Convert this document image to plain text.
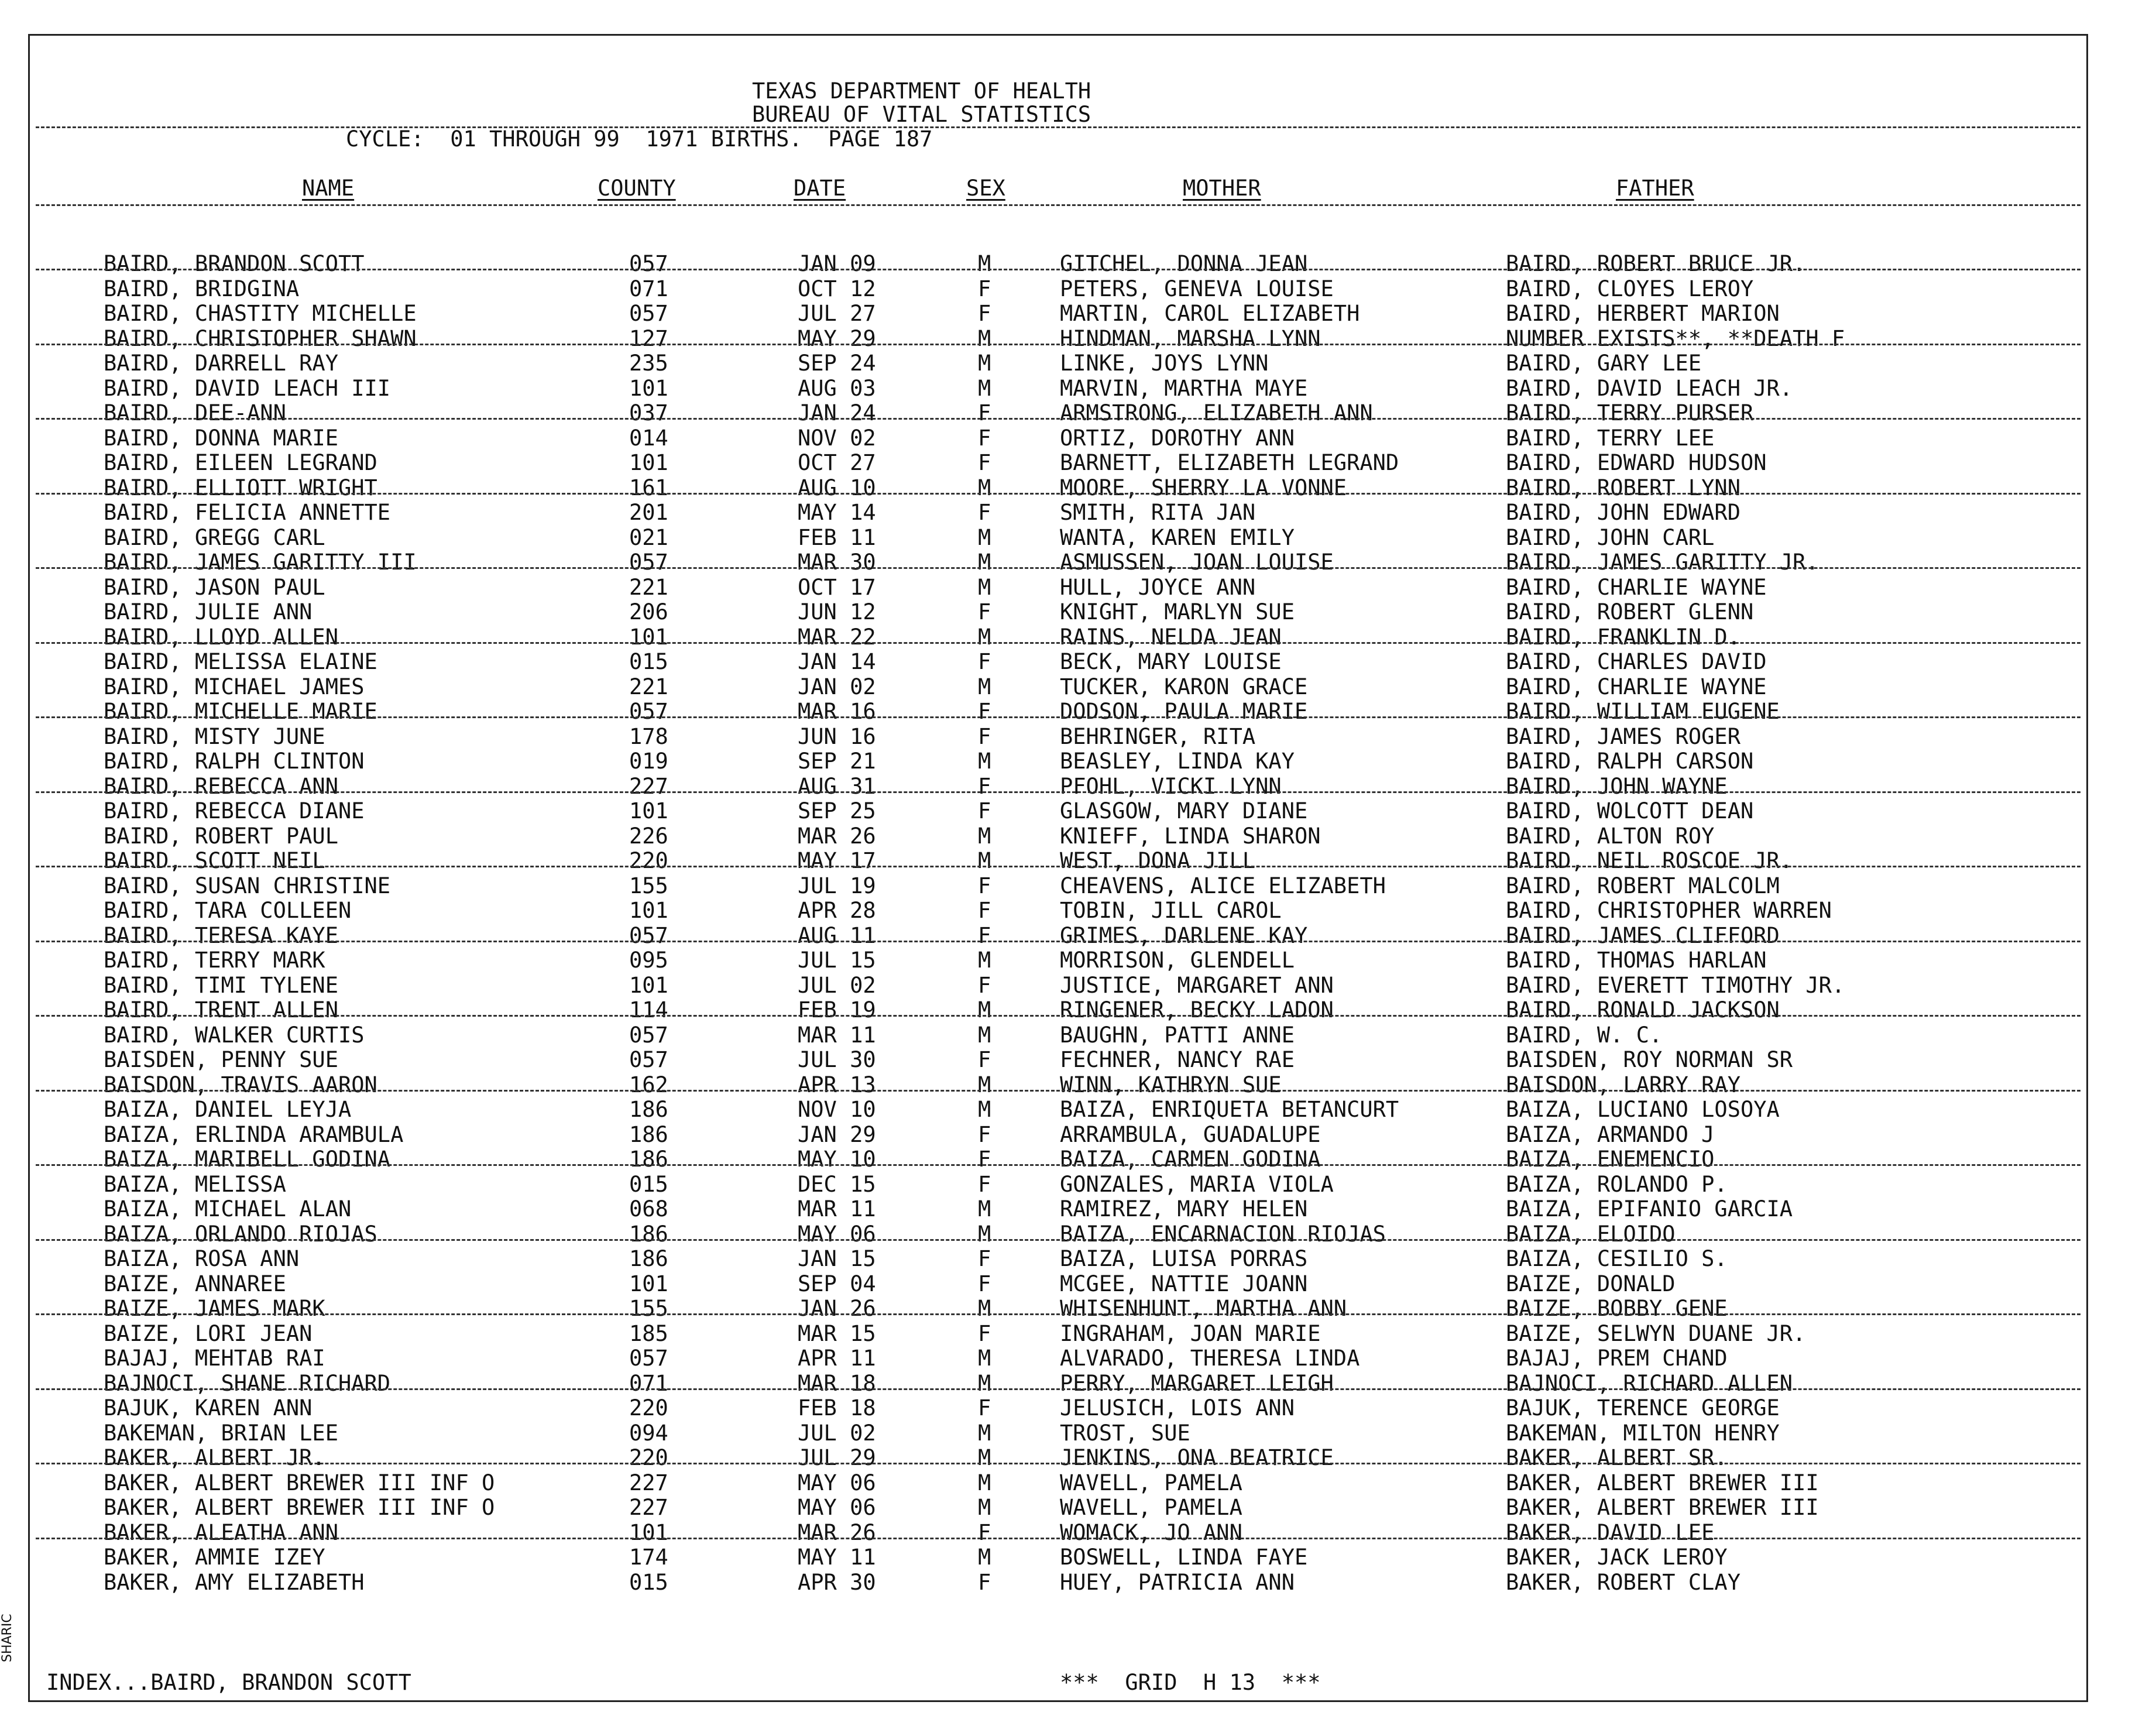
TEXAS DEPARTMENT OF HEALTH
BUREAU OF VITAL STATISTICS
CYCLE:  01 THROUGH 99  1971 BIRTHS.  PAGE 187
NAME	COUNTY	DATE	SEX	MOTHER	FATHER
BAIRD, BRANDON SCOTT	057	JAN 09	M	GITCHEL, DONNA JEAN	BAIRD, ROBERT BRUCE JR.
BAIRD, BRIDGINA	071	OCT 12	F	PETERS, GENEVA LOUISE	BAIRD, CLOYES LEROY
BAIRD, CHASTITY MICHELLE	057	JUL 27	F	MARTIN, CAROL ELIZABETH	BAIRD, HERBERT MARION
BAIRD, CHRISTOPHER SHAWN	127	MAY 29	M	HINDMAN, MARSHA LYNN	NUMBER EXISTS**, **DEATH F
BAIRD, DARRELL RAY	235	SEP 24	M	LINKE, JOYS LYNN	BAIRD, GARY LEE
BAIRD, DAVID LEACH III	101	AUG 03	M	MARVIN, MARTHA MAYE	BAIRD, DAVID LEACH JR.
BAIRD, DEE-ANN	037	JAN 24	F	ARMSTRONG, ELIZABETH ANN	BAIRD, TERRY PURSER
BAIRD, DONNA MARIE	014	NOV 02	F	ORTIZ, DOROTHY ANN	BAIRD, TERRY LEE
BAIRD, EILEEN LEGRAND	101	OCT 27	F	BARNETT, ELIZABETH LEGRAND	BAIRD, EDWARD HUDSON
BAIRD, ELLIOTT WRIGHT	161	AUG 10	M	MOORE, SHERRY LA VONNE	BAIRD, ROBERT LYNN
BAIRD, FELICIA ANNETTE	201	MAY 14	F	SMITH, RITA JAN	BAIRD, JOHN EDWARD
BAIRD, GREGG CARL	021	FEB 11	M	WANTA, KAREN EMILY	BAIRD, JOHN CARL
BAIRD, JAMES GARITTY III	057	MAR 30	M	ASMUSSEN, JOAN LOUISE	BAIRD, JAMES GARITTY JR.
BAIRD, JASON PAUL	221	OCT 17	M	HULL, JOYCE ANN	BAIRD, CHARLIE WAYNE
BAIRD, JULIE ANN	206	JUN 12	F	KNIGHT, MARLYN SUE	BAIRD, ROBERT GLENN
BAIRD, LLOYD ALLEN	101	MAR 22	M	RAINS, NELDA JEAN	BAIRD, FRANKLIN D.
BAIRD, MELISSA ELAINE	015	JAN 14	F	BECK, MARY LOUISE	BAIRD, CHARLES DAVID
BAIRD, MICHAEL JAMES	221	JAN 02	M	TUCKER, KARON GRACE	BAIRD, CHARLIE WAYNE
BAIRD, MICHELLE MARIE	057	MAR 16	F	DODSON, PAULA MARIE	BAIRD, WILLIAM EUGENE
BAIRD, MISTY JUNE	178	JUN 16	F	BEHRINGER, RITA	BAIRD, JAMES ROGER
BAIRD, RALPH CLINTON	019	SEP 21	M	BEASLEY, LINDA KAY	BAIRD, RALPH CARSON
BAIRD, REBECCA ANN	227	AUG 31	F	PFOHL, VICKI LYNN	BAIRD, JOHN WAYNE
BAIRD, REBECCA DIANE	101	SEP 25	F	GLASGOW, MARY DIANE	BAIRD, WOLCOTT DEAN
BAIRD, ROBERT PAUL	226	MAR 26	M	KNIEFF, LINDA SHARON	BAIRD, ALTON ROY
BAIRD, SCOTT NEIL	220	MAY 17	M	WEST, DONA JILL	BAIRD, NEIL ROSCOE JR.
BAIRD, SUSAN CHRISTINE	155	JUL 19	F	CHEAVENS, ALICE ELIZABETH	BAIRD, ROBERT MALCOLM
BAIRD, TARA COLLEEN	101	APR 28	F	TOBIN, JILL CAROL	BAIRD, CHRISTOPHER WARREN
BAIRD, TERESA KAYE	057	AUG 11	F	GRIMES, DARLENE KAY	BAIRD, JAMES CLIFFORD
BAIRD, TERRY MARK	095	JUL 15	M	MORRISON, GLENDELL	BAIRD, THOMAS HARLAN
BAIRD, TIMI TYLENE	101	JUL 02	F	JUSTICE, MARGARET ANN	BAIRD, EVERETT TIMOTHY JR.
BAIRD, TRENT ALLEN	114	FEB 19	M	RINGENER, BECKY LADON	BAIRD, RONALD JACKSON
BAIRD, WALKER CURTIS	057	MAR 11	M	BAUGHN, PATTI ANNE	BAIRD, W. C.
BAISDEN, PENNY SUE	057	JUL 30	F	FECHNER, NANCY RAE	BAISDEN, ROY NORMAN SR
BAISDON, TRAVIS AARON	162	APR 13	M	WINN, KATHRYN SUE	BAISDON, LARRY RAY
BAIZA, DANIEL LEYJA	186	NOV 10	M	BAIZA, ENRIQUETA BETANCURT	BAIZA, LUCIANO LOSOYA
BAIZA, ERLINDA ARAMBULA	186	JAN 29	F	ARRAMBULA, GUADALUPE	BAIZA, ARMANDO J
BAIZA, MARIBELL GODINA	186	MAY 10	F	BAIZA, CARMEN GODINA	BAIZA, ENEMENCIO
BAIZA, MELISSA	015	DEC 15	F	GONZALES, MARIA VIOLA	BAIZA, ROLANDO P.
BAIZA, MICHAEL ALAN	068	MAR 11	M	RAMIREZ, MARY HELEN	BAIZA, EPIFANIO GARCIA
BAIZA, ORLANDO RIOJAS	186	MAY 06	M	BAIZA, ENCARNACION RIOJAS	BAIZA, ELOIDO
BAIZA, ROSA ANN	186	JAN 15	F	BAIZA, LUISA PORRAS	BAIZA, CESILIO S.
BAIZE, ANNAREE	101	SEP 04	F	MCGEE, NATTIE JOANN	BAIZE, DONALD
BAIZE, JAMES MARK	155	JAN 26	M	WHISENHUNT, MARTHA ANN	BAIZE, BOBBY GENE
BAIZE, LORI JEAN	185	MAR 15	F	INGRAHAM, JOAN MARIE	BAIZE, SELWYN DUANE JR.
BAJAJ, MEHTAB RAI	057	APR 11	M	ALVARADO, THERESA LINDA	BAJAJ, PREM CHAND
BAJNOCI, SHANE RICHARD	071	MAR 18	M	PERRY, MARGARET LEIGH	BAJNOCI, RICHARD ALLEN
BAJUK, KAREN ANN	220	FEB 18	F	JELUSICH, LOIS ANN	BAJUK, TERENCE GEORGE
BAKEMAN, BRIAN LEE	094	JUL 02	M	TROST, SUE	BAKEMAN, MILTON HENRY
BAKER, ALBERT JR.	220	JUL 29	M	JENKINS, ONA BEATRICE	BAKER, ALBERT SR.
BAKER, ALBERT BREWER III INF O	227	MAY 06	M	WAVELL, PAMELA	BAKER, ALBERT BREWER III
BAKER, ALBERT BREWER III INF O	227	MAY 06	M	WAVELL, PAMELA	BAKER, ALBERT BREWER III
BAKER, ALEATHA ANN	101	MAR 26	F	WOMACK, JO ANN	BAKER, DAVID LEE
BAKER, AMMIE IZEY	174	MAY 11	M	BOSWELL, LINDA FAYE	BAKER, JACK LEROY
BAKER, AMY ELIZABETH	015	APR 30	F	HUEY, PATRICIA ANN	BAKER, ROBERT CLAY
INDEX...BAIRD, BRANDON SCOTT	***  GRID  H 13  ***
SHARIC
